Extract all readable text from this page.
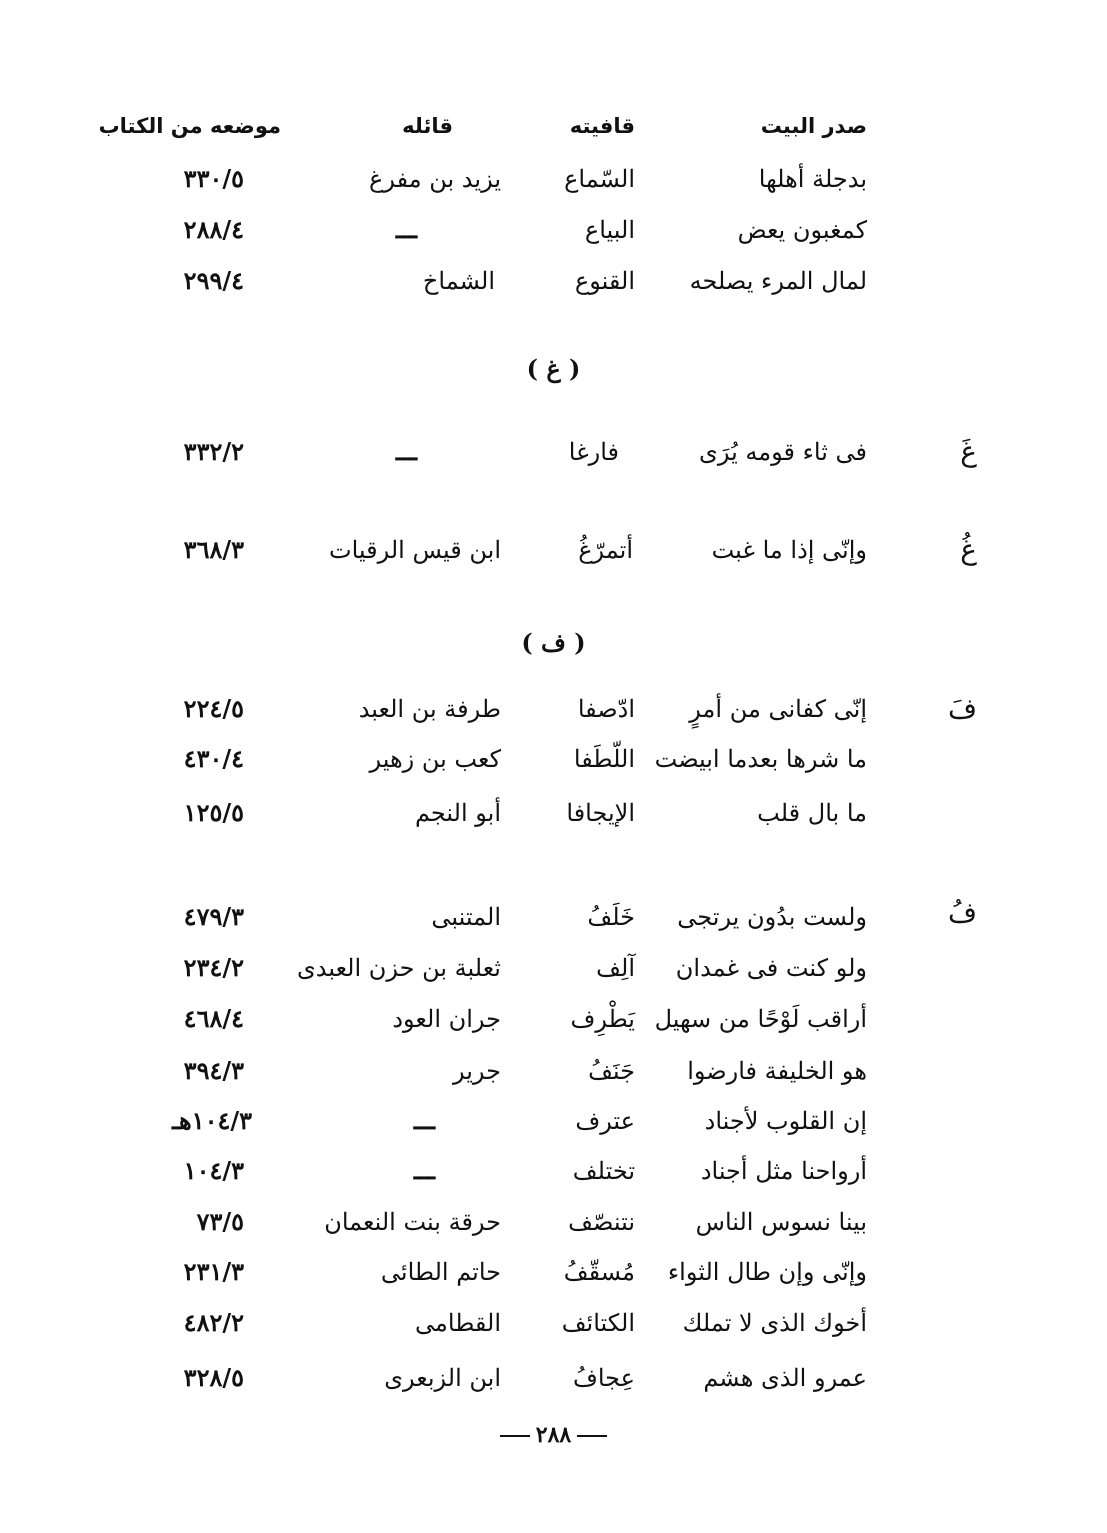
صدر البيت
قافيته
قائله
موضعه من الكتاب
بدجلة أهلها
السّماع
يزيد بن مفرغ
٣٣٠/٥
كمغبون يعض
البياع
ـــ
٢٨٨/٤
لمال المرء يصلحه
القنوع
الشماخ
٢٩٩/٤
( غ )
غَ
فى ثاء قومه يُرَى
فارغا
ـــ
٣٣٢/٢
غُ
وإنّى إذا ما غبت
أتمرّغُ
ابن قيس الرقيات
٣٦٨/٣
( ف )
فَ
إنّى كفانى من أمرٍ
ادّصفا
طرفة بن العبد
٢٢٤/٥
ما شرها بعدما ابيضت
اللّطَفا
كعب بن زهير
٤٣٠/٤
ما بال قلب
الإيجافا
أبو النجم
١٢٥/٥
فُ
ولست بدُون يرتجى
خَلَفُ
المتنبى
٤٧٩/٣
ولو كنت فى غمدان
آلِف
ثعلبة بن حزن العبدى
٢٣٤/٢
أراقب لَوْحًا من سهيل
يَطْرِف
جران العود
٤٦٨/٤
هو الخليفة فارضوا
جَنَفُ
جرير
٣٩٤/٣
إن القلوب لأجناد
عترف
ـــ
١٠٤/٣هـ
أرواحنا مثل أجناد
تختلف
ـــ
١٠٤/٣
بينا نسوس الناس
نتنصّف
حرقة بنت النعمان
٧٣/٥
وإنّى وإن طال الثواء
مُسقّفُ
حاتم الطائى
٢٣١/٣
أخوك الذى لا تملك
الكتائف
القطامى
٤٨٢/٢
عمرو الذى هشم
عِجافُ
ابن الزبعرى
٣٢٨/٥
٢٨٨
